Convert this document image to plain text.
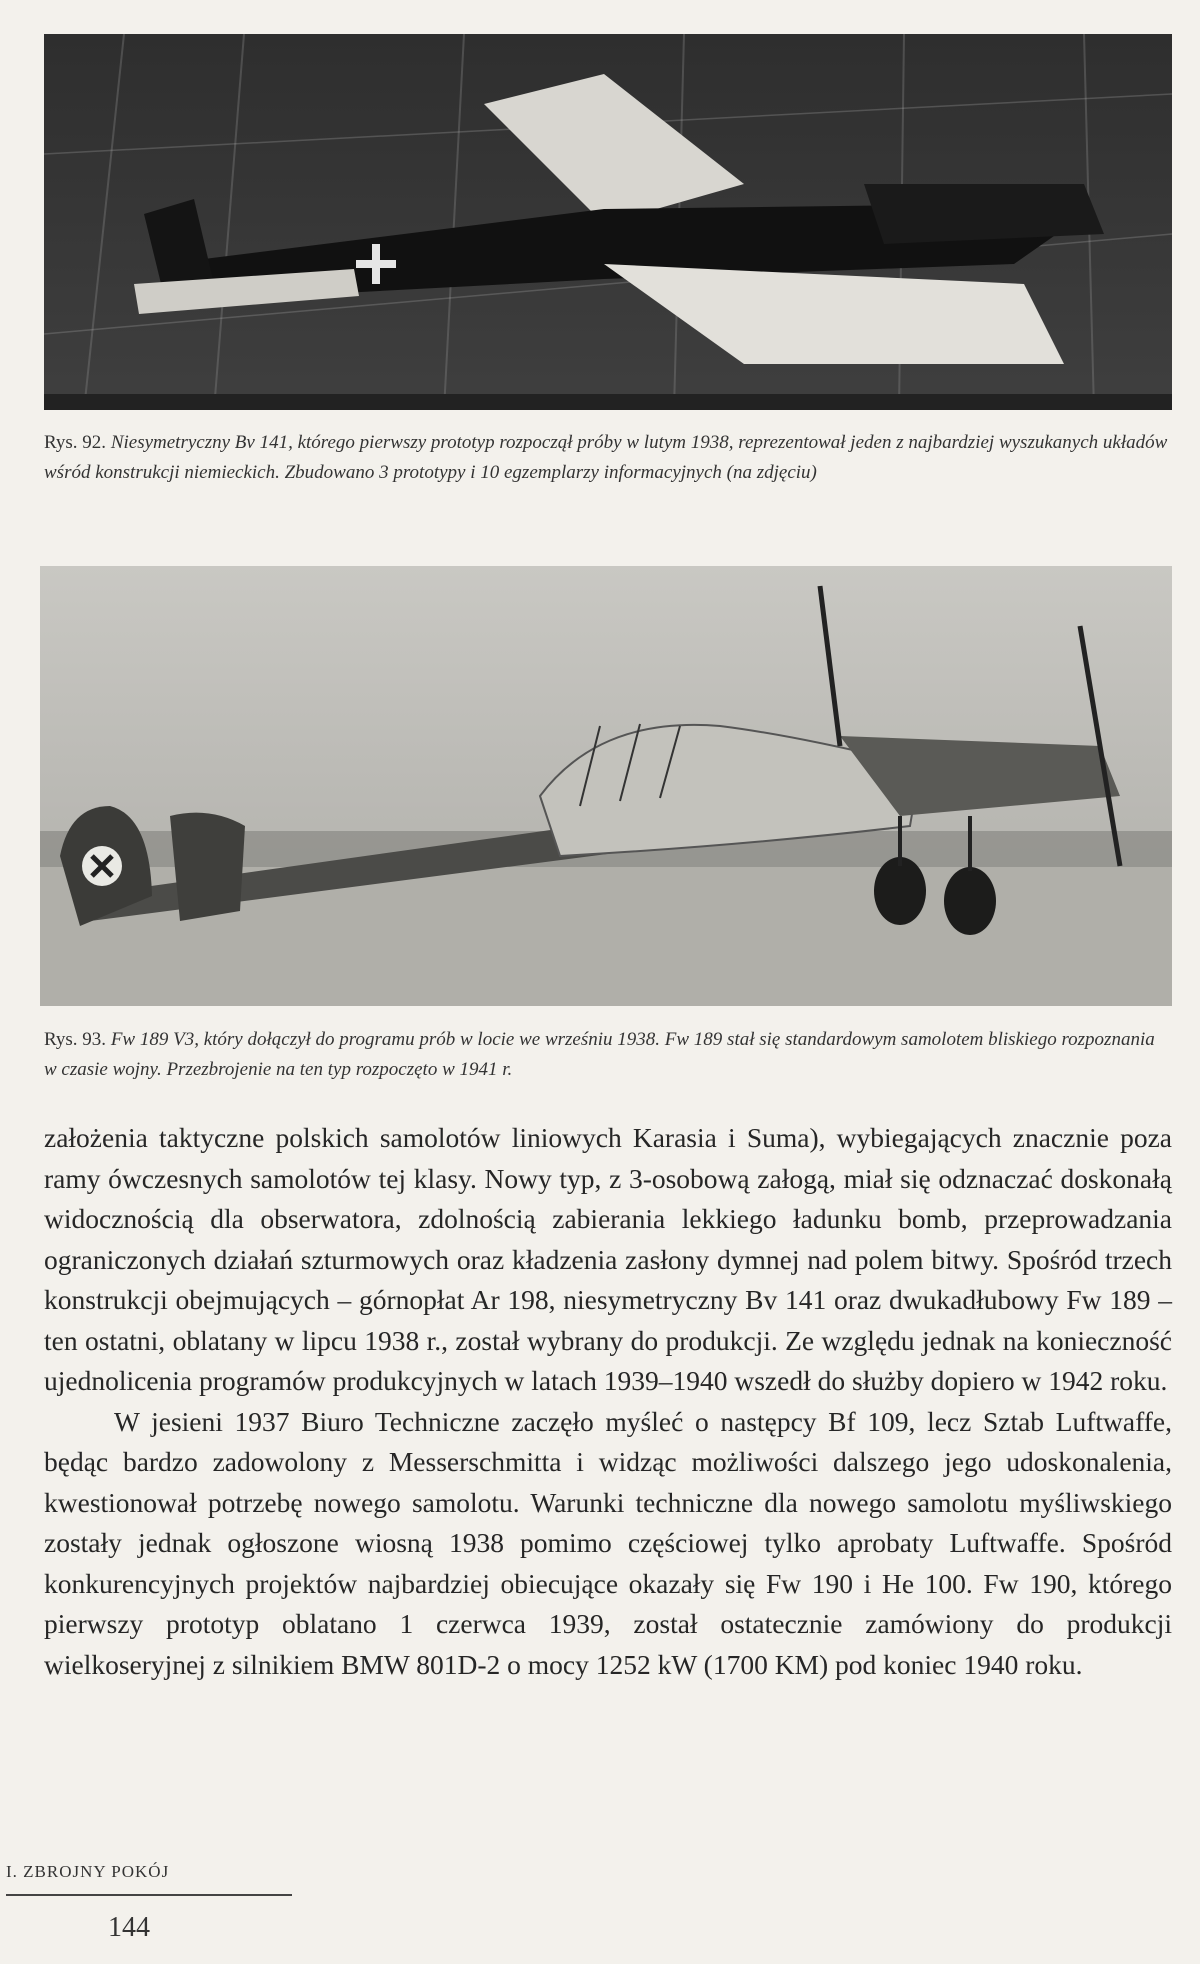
Rys. 92. Niesymetryczny Bv 141, którego pierwszy prototyp rozpoczął próby w lutym 1938, reprezentował jeden z najbardziej wyszukanych układów wśród konstrukcji niemieckich. Zbudowano 3 prototypy i 10 egzemplarzy informacyjnych (na zdjęciu)

Rys. 93. Fw 189 V3, który dołączył do programu prób w locie we wrześniu 1938. Fw 189 stał się standardowym samolotem bliskiego rozpoznania w czasie wojny. Przezbrojenie na ten typ rozpoczęto w 1941 r.

założenia taktyczne polskich samolotów liniowych Karasia i Suma), wybiegających znacznie poza ramy ówczesnych samolotów tej klasy. Nowy typ, z 3-osobową załogą, miał się odznaczać doskonałą widocznością dla obserwatora, zdolnością zabierania lekkiego ładunku bomb, przeprowadzania ograniczonych działań szturmowych oraz kładzenia zasłony dymnej nad polem bitwy. Spośród trzech konstrukcji obejmujących – górnopłat Ar 198, niesymetryczny Bv 141 oraz dwukadłubowy Fw 189 – ten ostatni, oblatany w lipcu 1938 r., został wybrany do produkcji. Ze względu jednak na konieczność ujednolicenia programów produkcyjnych w latach 1939–1940 wszedł do służby dopiero w 1942 roku.

W jesieni 1937 Biuro Techniczne zaczęło myśleć o następcy Bf 109, lecz Sztab Luftwaffe, będąc bardzo zadowolony z Messerschmitta i widząc możliwości dalszego jego udoskonalenia, kwestionował potrzebę nowego samolotu. Warunki techniczne dla nowego samolotu myśliwskiego zostały jednak ogłoszone wiosną 1938 pomimo częściowej tylko aprobaty Luftwaffe. Spośród konkurencyjnych projektów najbardziej obiecujące okazały się Fw 190 i He 100. Fw 190, którego pierwszy prototyp oblatano 1 czerwca 1939, został ostatecznie zamówiony do produkcji wielkoseryjnej z silnikiem BMW 801D-2 o mocy 1252 kW (1700 KM) pod koniec 1940 roku.

I. ZBROJNY POKÓJ

144
